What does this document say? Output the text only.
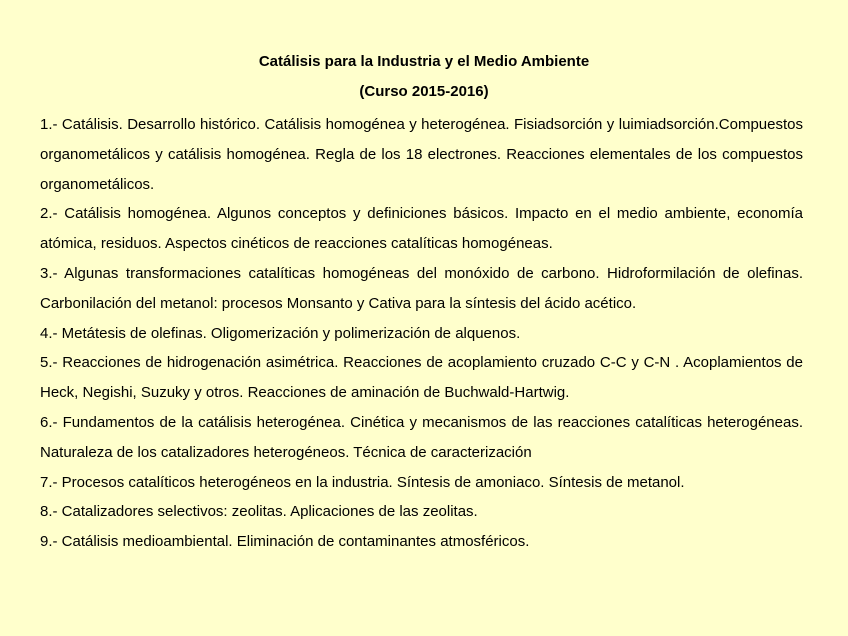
Catálisis para la Industria y el Medio Ambiente
(Curso 2015-2016)

1.- Catálisis. Desarrollo histórico. Catálisis homogénea y heterogénea. Fisiadsorción y luimiadsorción.Compuestos organometálicos y catálisis homogénea. Regla de los 18 electrones. Reacciones elementales de los compuestos organometálicos.

2.- Catálisis homogénea. Algunos conceptos y definiciones básicos. Impacto en el medio ambiente, economía atómica, residuos. Aspectos cinéticos de reacciones catalíticas homogéneas.

3.- Algunas transformaciones catalíticas homogéneas del monóxido de carbono. Hidroformilación de olefinas. Carbonilación del metanol: procesos Monsanto y Cativa para la síntesis del ácido acético.

4.- Metátesis de olefinas. Oligomerización y polimerización de alquenos.

5.- Reacciones de hidrogenación asimétrica. Reacciones de acoplamiento cruzado C-C y C-N . Acoplamientos de Heck, Negishi, Suzuky y otros. Reacciones de aminación de Buchwald-Hartwig.

6.- Fundamentos de la catálisis heterogénea. Cinética y mecanismos de las reacciones catalíticas heterogéneas. Naturaleza de los catalizadores heterogéneos. Técnica de caracterización

7.- Procesos catalíticos heterogéneos en la industria. Síntesis de amoniaco. Síntesis de metanol.

8.- Catalizadores selectivos: zeolitas. Aplicaciones de las zeolitas.

9.- Catálisis medioambiental. Eliminación de contaminantes atmosféricos.
